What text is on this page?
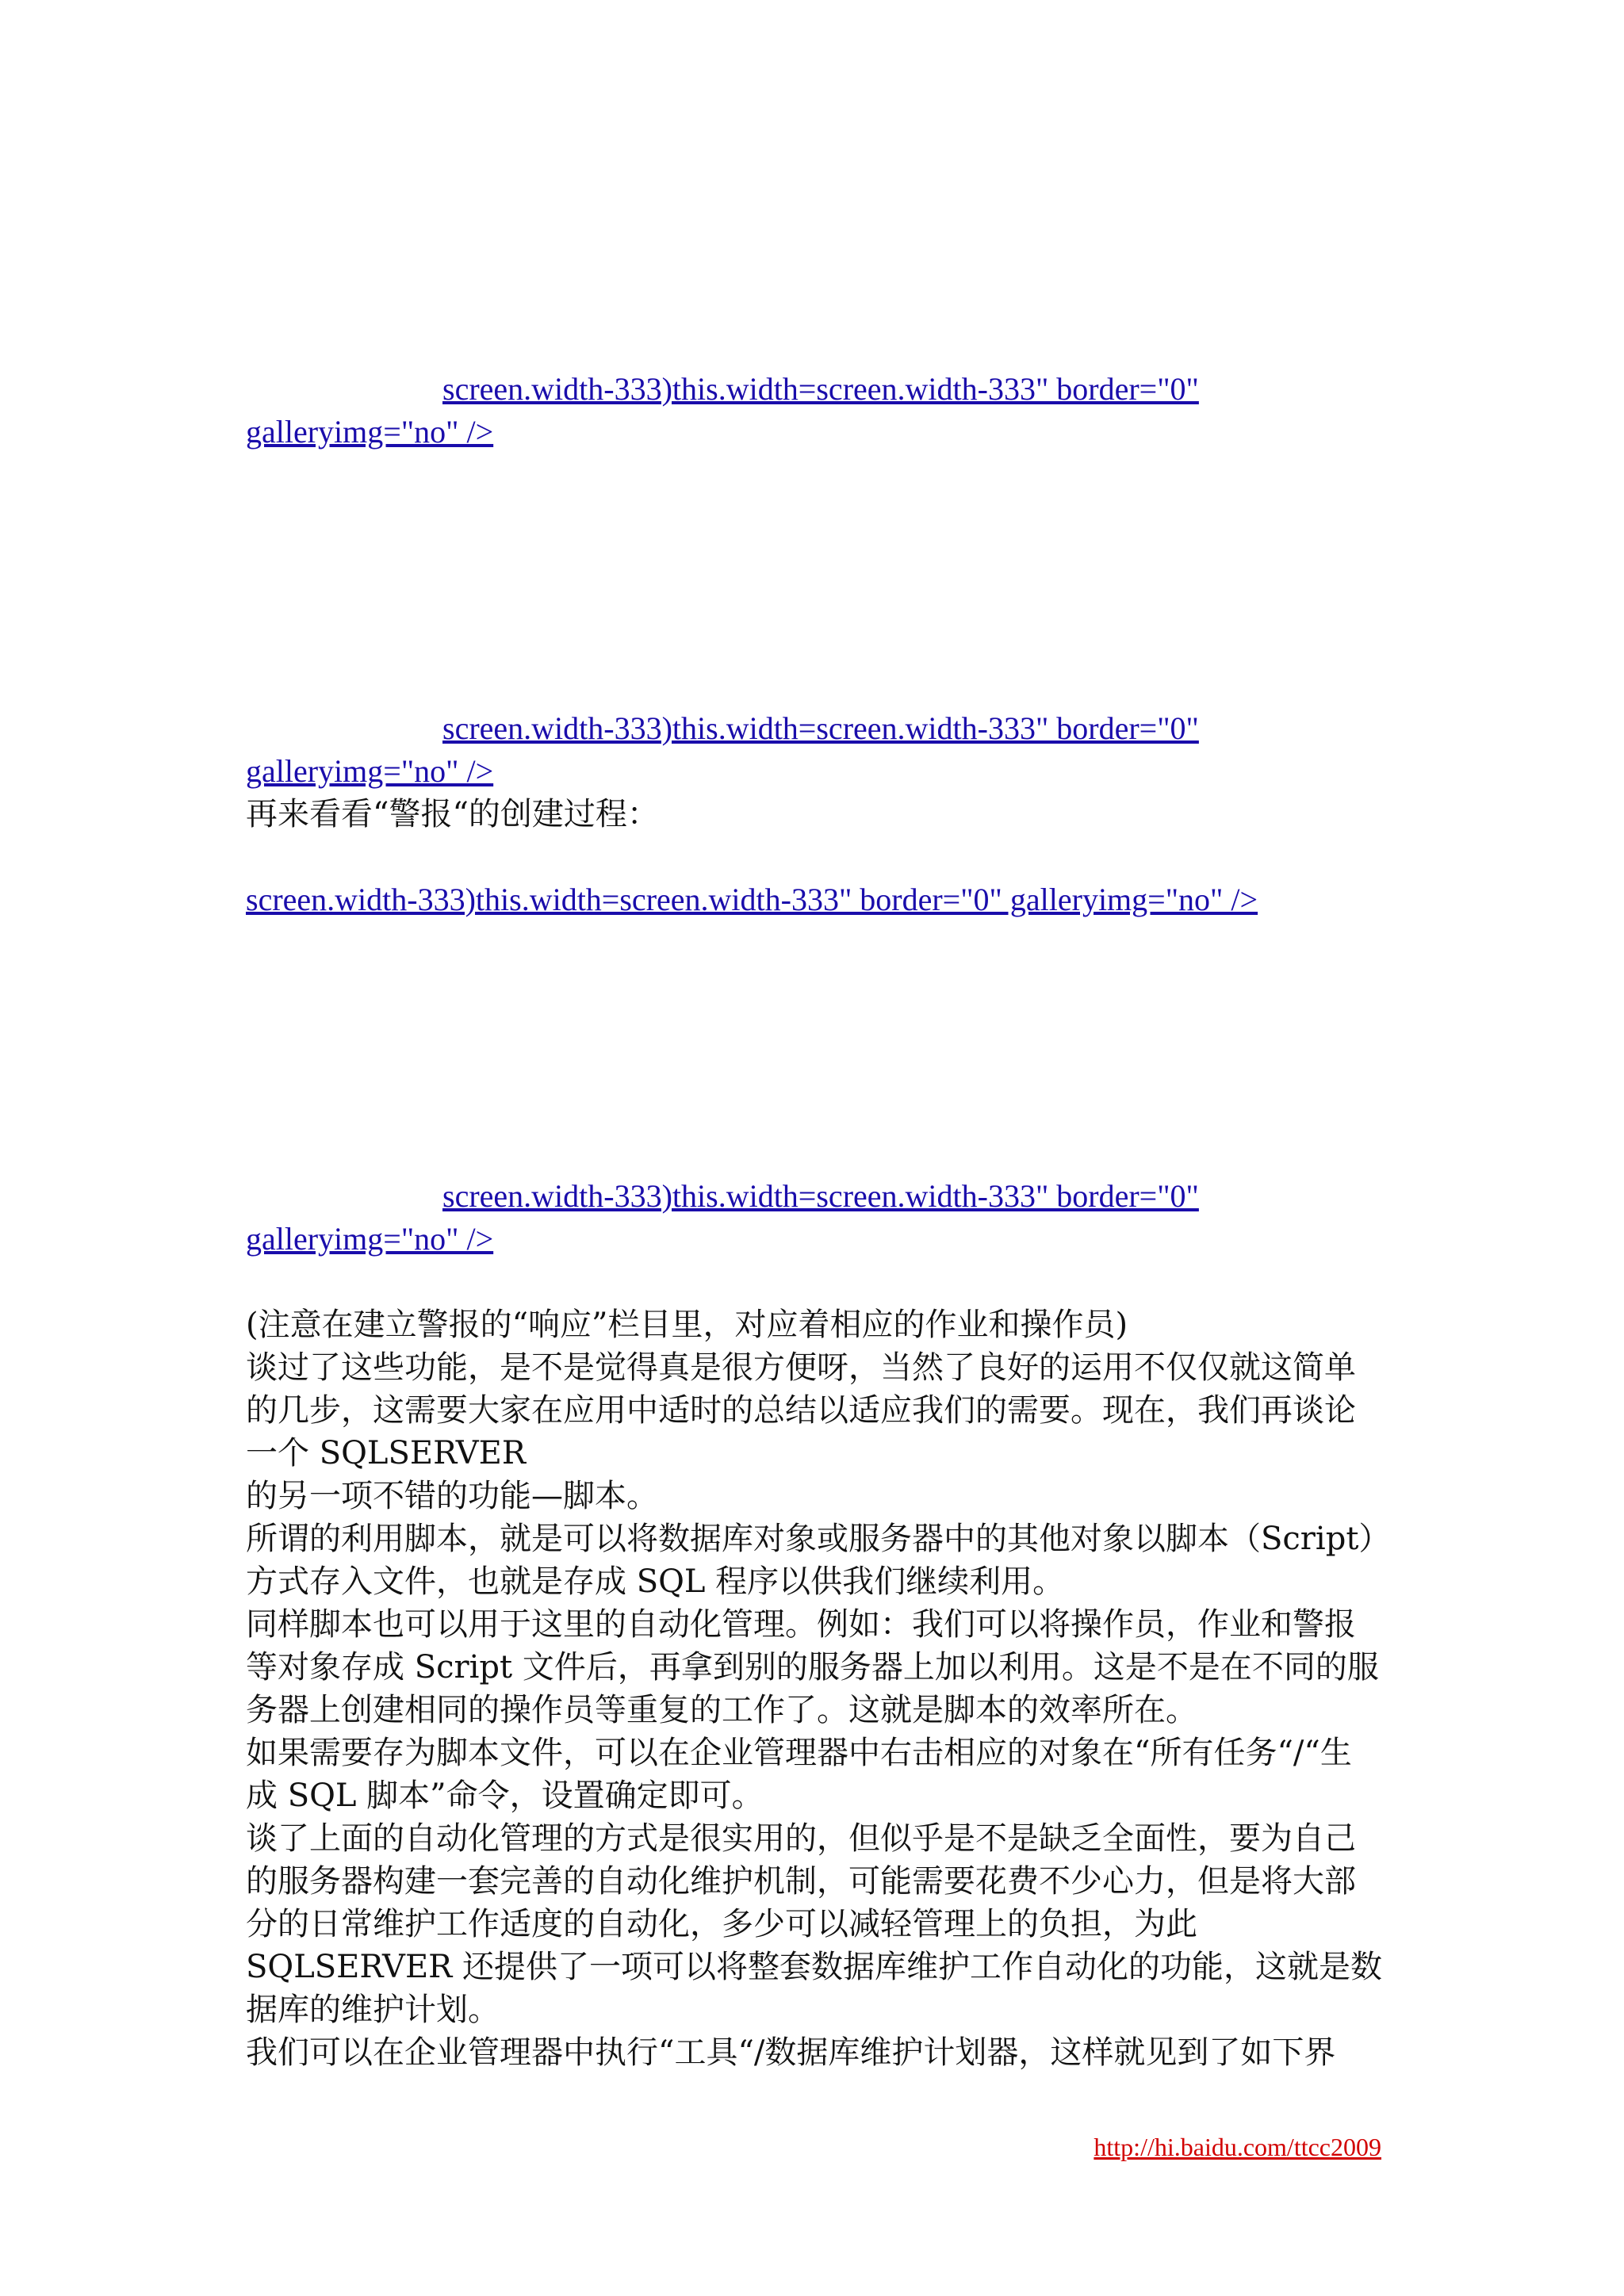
screen.width-333)this.width=screen.width-333" border="0"
galleryimg="no" />
screen.width-333)this.width=screen.width-333" border="0"
galleryimg="no" />
再来看看“警报“的创建过程：
screen.width-333)this.width=screen.width-333" border="0" galleryimg="no" />
screen.width-333)this.width=screen.width-333" border="0"
galleryimg="no" />
(注意在建立警报的“响应”栏目里，对应着相应的作业和操作员)
谈过了这些功能，是不是觉得真是很方便呀，当然了良好的运用不仅仅就这简单
的几步，这需要大家在应用中适时的总结以适应我们的需要。现在，我们再谈论
一个 SQLSERVER
的另一项不错的功能—脚本。
所谓的利用脚本，就是可以将数据库对象或服务器中的其他对象以脚本（Script）
方式存入文件，也就是存成 SQL 程序以供我们继续利用。
同样脚本也可以用于这里的自动化管理。例如：我们可以将操作员，作业和警报
等对象存成 Script 文件后，再拿到别的服务器上加以利用。这是不是在不同的服
务器上创建相同的操作员等重复的工作了。这就是脚本的效率所在。
如果需要存为脚本文件，可以在企业管理器中右击相应的对象在“所有任务“/“生
成 SQL 脚本”命令，设置确定即可。
谈了上面的自动化管理的方式是很实用的，但似乎是不是缺乏全面性，要为自己
的服务器构建一套完善的自动化维护机制，可能需要花费不少心力，但是将大部
分的日常维护工作适度的自动化，多少可以减轻管理上的负担，为此
SQLSERVER 还提供了一项可以将整套数据库维护工作自动化的功能，这就是数
据库的维护计划。
我们可以在企业管理器中执行“工具“/数据库维护计划器，这样就见到了如下界
http://hi.baidu.com/ttcc2009
